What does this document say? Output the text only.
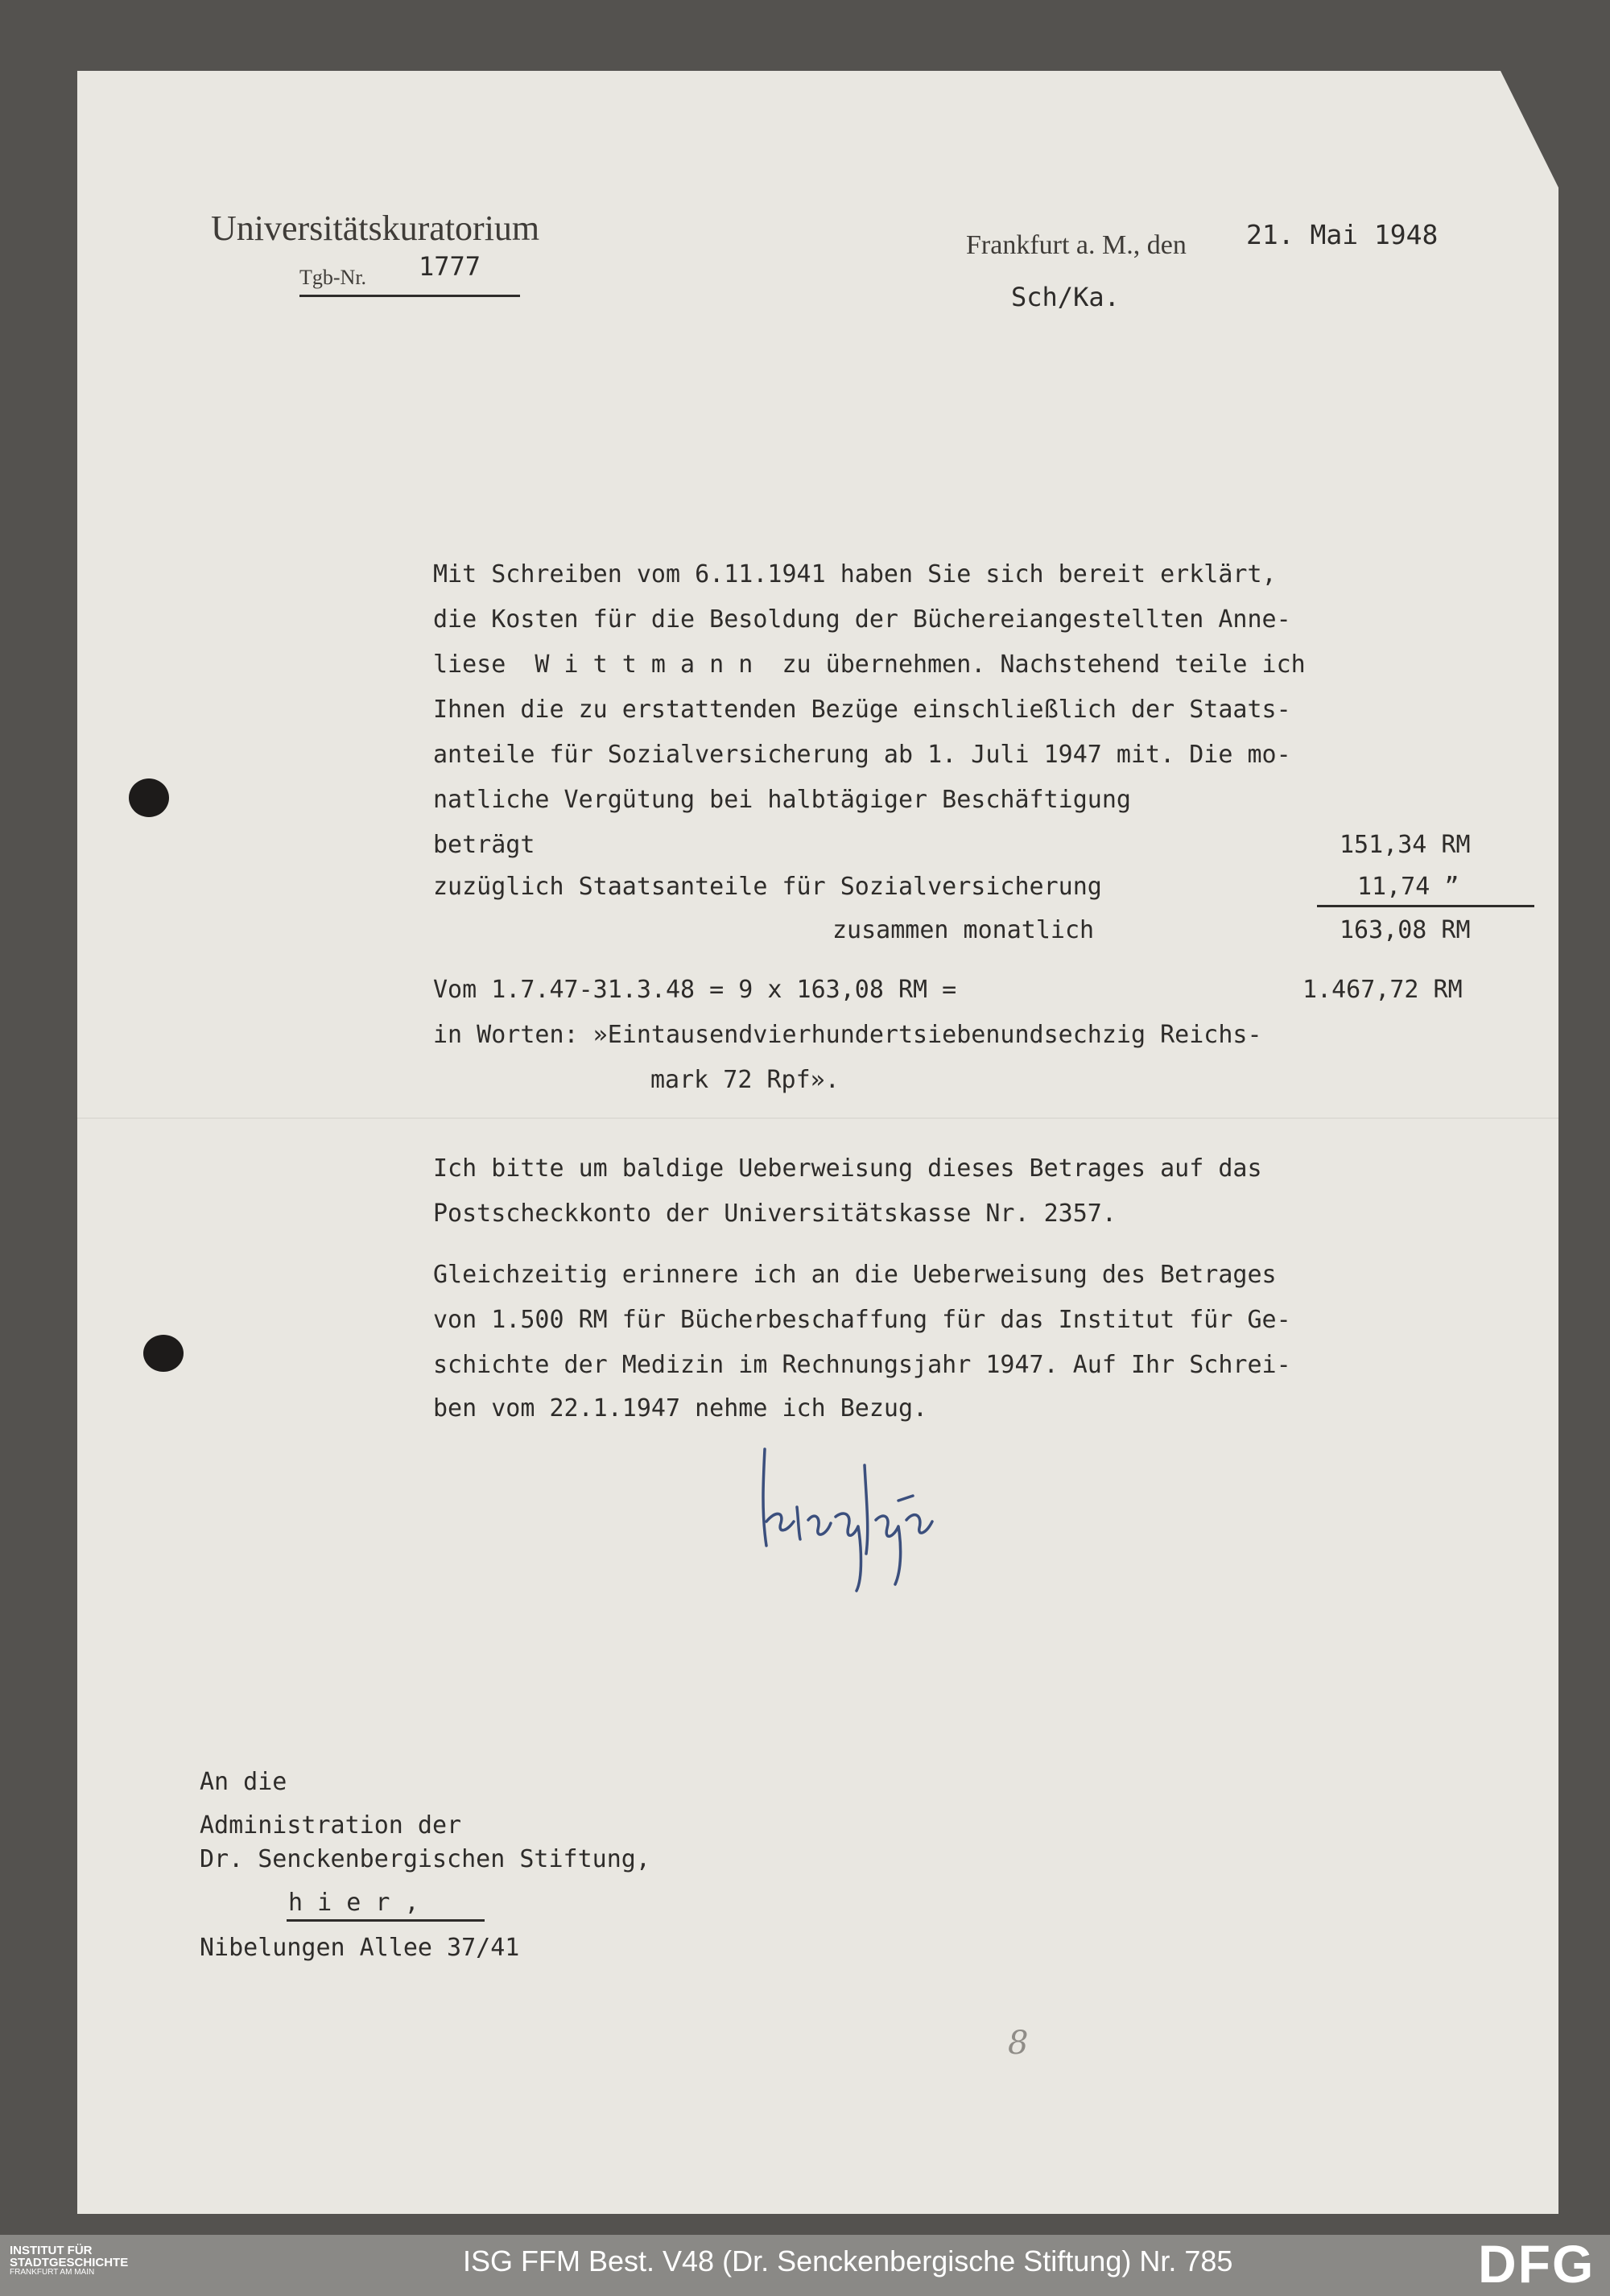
Universitätskuratorium
Tgb-Nr. 1777
Frankfurt a. M., den 21. Mai 1948
Sch/Ka.
Mit Schreiben vom 6.11.1941 haben Sie sich bereit erklärt,
die Kosten für die Besoldung der Büchereiangestellten Anne-
liese  W i t t m a n n  zu übernehmen. Nachstehend teile ich
Ihnen die zu erstattenden Bezüge einschließlich der Staats-
anteile für Sozialversicherung ab 1. Juli 1947 mit. Die mo-
natliche Vergütung bei halbtägiger Beschäftigung
beträgt	151,34 RM
zuzüglich Staatsanteile für Sozialversicherung	11,74 ”
zusammen monatlich	163,08 RM
Vom 1.7.47-31.3.48 = 9 x 163,08 RM =	1.467,72 RM
in Worten: »Eintausendvierhundertsiebenundsechzig Reichs-
mark 72 Rpf».
Ich bitte um baldige Ueberweisung dieses Betrages auf das
Postscheckkonto der Universitätskasse Nr. 2357.
Gleichzeitig erinnere ich an die Ueberweisung des Betrages
von 1.500 RM für Bücherbeschaffung für das Institut für Ge-
schichte der Medizin im Rechnungsjahr 1947. Auf Ihr Schrei-
ben vom 22.1.1947 nehme ich Bezug.
An die
Administration der
Dr. Senckenbergischen Stiftung,
h i e r ,
Nibelungen Allee 37/41
8
INSTITUT FÜR
STADTGESCHICHTE
FRANKFURT AM MAIN	ISG FFM Best. V48 (Dr. Senckenbergische Stiftung) Nr. 785	DFG
